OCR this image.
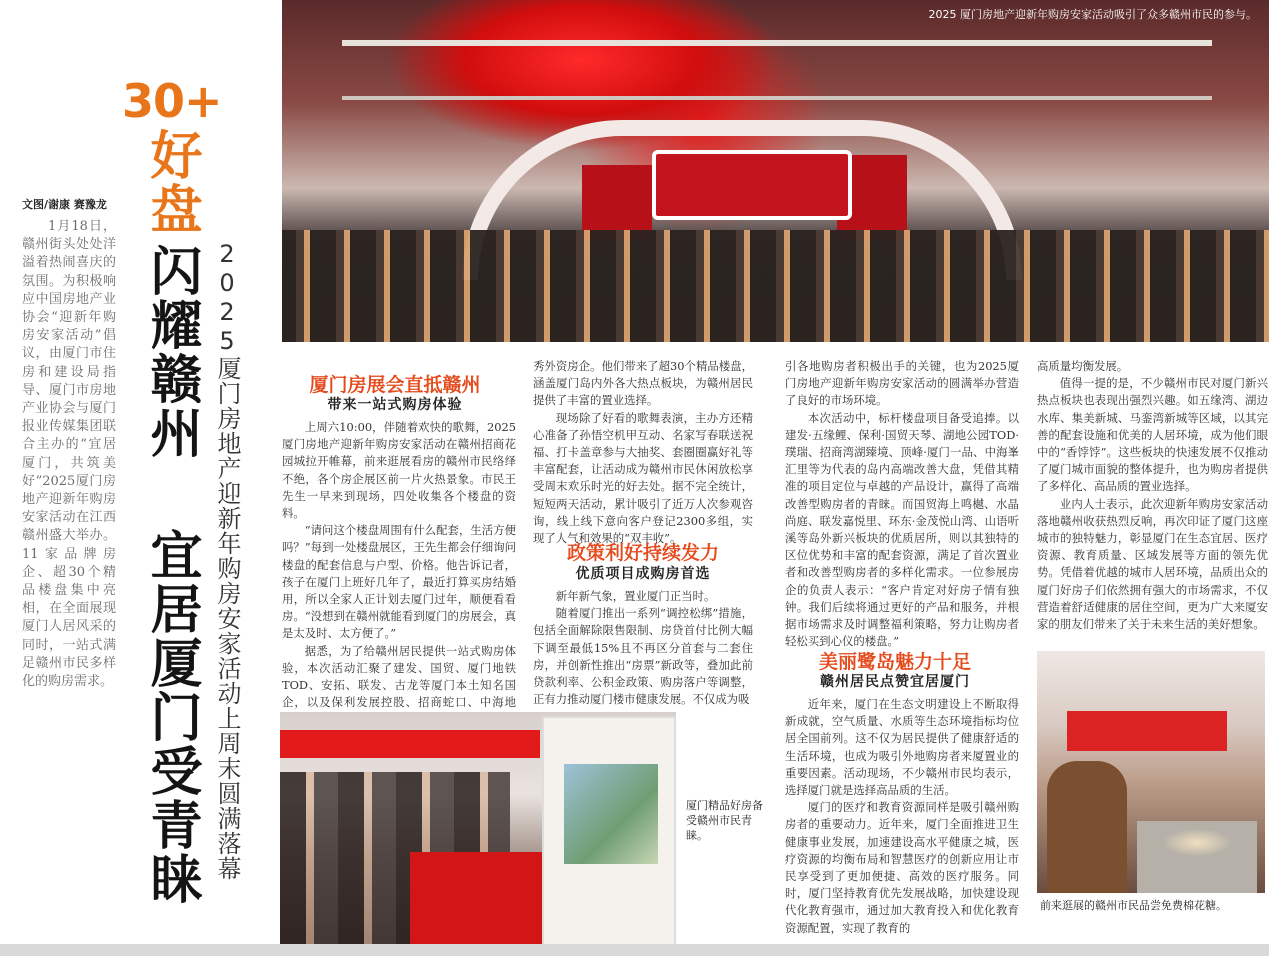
30+
好盘
闪耀赣州
宜居厦门受青睐 2025厦门房地产迎新年购房安家活动上周末圆满落幕
文图/谢康 赛豫龙
1月18日，赣州街头处处洋溢着热闹喜庆的氛围。为积极响应中国房地产业协会“迎新年购房安家活动”倡议，由厦门市住房和建设局指导、厦门市房地产业协会与厦门报业传媒集团联合主办的“宜居厦门，共筑美好”2025厦门房地产迎新年购房安家活动在江西赣州盛大举办。11家品牌房企、超30个精品楼盘集中亮相，在全面展现厦门人居风采的同时，一站式满足赣州市民多样化的购房需求。
2025 厦门房地产迎新年购房安家活动吸引了众多赣州市民的参与。
厦门房展会直抵赣州
带来一站式购房体验

上周六10:00，伴随着欢快的歌舞，2025厦门房地产迎新年购房安家活动在赣州招商花园城拉开帷幕，前来逛展看房的赣州市民络绎不绝，各个房企展区前一片火热景象。市民王先生一早来到现场，四处收集各个楼盘的资料。

“请问这个楼盘周围有什么配套，生活方便吗？”每到一处楼盘展区，王先生都会仔细询问楼盘的配套信息与户型、价格。他告诉记者，孩子在厦门上班好几年了，最近打算买房结婚用，所以全家人正计划去厦门过年，顺便看看房。“没想到在赣州就能看到厦门的房展会，真是太及时、太方便了。”

据悉，为了给赣州居民提供一站式购房体验，本次活动汇聚了建发、国贸、厦门地铁TOD、安拓、联发、古龙等厦门本土知名国企，以及保利发展控股、招商蛇口、中海地

秀外资房企。他们带来了超30个精品楼盘，涵盖厦门岛内外各大热点板块，为赣州居民提供了丰富的置业选择。

现场除了好看的歌舞表演，主办方还精心准备了孙悟空机甲互动、名家写春联送祝福、打卡盖章参与大抽奖、套圈圈赢好礼等丰富配套，让活动成为赣州市民休闲放松享受周末欢乐时光的好去处。据不完全统计，短短两天活动，累计吸引了近万人次参观咨询，线上线下意向客户登记2300多组，实现了人气和效果的“双丰收”。

政策利好持续发力
优质项目成购房首选

新年新气象，置业厦门正当时。

随着厦门推出一系列“调控松绑”措施，包括全面解除限售限制、房贷首付比例大幅下调至最低15%且不再区分首套与二套住房，并创新性推出“房票”新政等，叠加此前贷款利率、公积金政策、购房落户等调整，正有力推动厦门楼市健康发展。不仅成为吸

引各地购房者积极出手的关键，也为2025厦门房地产迎新年购房安家活动的圆满举办营造了良好的市场环境。

本次活动中，标杆楼盘项目备受追捧。以建发·五缘鲤、保利·国贸天琴、湖地公园TOD·璞瑞、招商湾湖臻境、顶峰·厦门一品、中海峯汇里等为代表的岛内高端改善大盘，凭借其精准的项目定位与卓越的产品设计，赢得了高端改善型购房者的青睐。而国贸海上鸣樾、水晶尚庭、联发嘉悦里、环东·金茂悦山湾、山语听溪等岛外新兴板块的优质居所，则以其独特的区位优势和丰富的配套资源，满足了首次置业者和改善型购房者的多样化需求。一位参展房企的负责人表示：“客户肯定对好房子情有独钟。我们后续将通过更好的产品和服务，并根据市场需求及时调整福利策略，努力让购房者轻松买到心仪的楼盘。”

美丽鹭岛魅力十足
赣州居民点赞宜居厦门

近年来，厦门在生态文明建设上不断取得新成就，空气质量、水质等生态环境指标均位居全国前列。这不仅为居民提供了健康舒适的生活环境，也成为吸引外地购房者来厦置业的重要因素。活动现场，不少赣州市民均表示，选择厦门就是选择高品质的生活。

厦门的医疗和教育资源同样是吸引赣州购房者的重要动力。近年来，厦门全面推进卫生健康事业发展，加速建设高水平健康之城，医疗资源的均衡布局和智慧医疗的创新应用让市民享受到了更加便捷、高效的医疗服务。同时，厦门坚持教育优先发展战略，加快建设现代化教育强市，通过加大教育投入和优化教育资源配置，实现了教育的

高质量均衡发展。

值得一提的是，不少赣州市民对厦门新兴热点板块也表现出强烈兴趣。如五缘湾、湖边水库、集美新城、马銮湾新城等区域，以其完善的配套设施和优美的人居环境，成为他们眼中的“香饽饽”。这些板块的快速发展不仅推动了厦门城市面貌的整体提升，也为购房者提供了多样化、高品质的置业选择。

业内人士表示，此次迎新年购房安家活动落地赣州收获热烈反响，再次印证了厦门这座城市的独特魅力，彰显厦门在生态宜居、医疗资源、教育质量、区域发展等方面的领先优势。凭借着优越的城市人居环境，品质出众的厦门好房子们依然拥有强大的市场需求，不仅营造着舒适健康的居住空间，更为广大来厦安家的朋友们带来了关于未来生活的美好想象。

厦门精品好房备受赣州市民青睐。
前来逛展的赣州市民品尝免费棉花糖。
